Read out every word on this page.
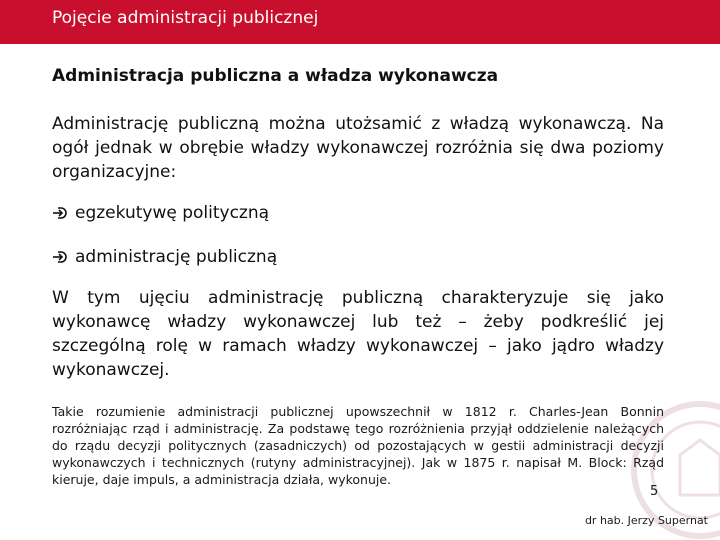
Pojęcie administracji publicznej
Administracja publiczna a władza wykonawcza

Administrację publiczną można utożsamić z władzą wykonawczą. Na ogół jednak w obrębie władzy wykonawczej rozróżnia się dwa poziomy organizacyjne:

egzekutywę polityczną
administrację publiczną

W tym ujęciu administrację publiczną charakteryzuje się jako wykonawcę władzy wykonawczej lub też – żeby podkreślić jej szczególną rolę w ramach władzy wykonawczej – jako jądro władzy wykonawczej.

Takie rozumienie administracji publicznej upowszechnił w 1812 r. Charles-Jean Bonnin rozróżniając rząd i administrację. Za podstawę tego rozróżnienia przyjął oddzielenie należących do rządu decyzji politycznych (zasadniczych) od pozostających w gestii administracji decyzji wykonawczych i technicznych (rutyny administracyjnej). Jak w 1875 r. napisał M. Block: Rząd kieruje, daje impuls, a administracja działa, wykonuje.

5
dr hab. Jerzy Supernat
